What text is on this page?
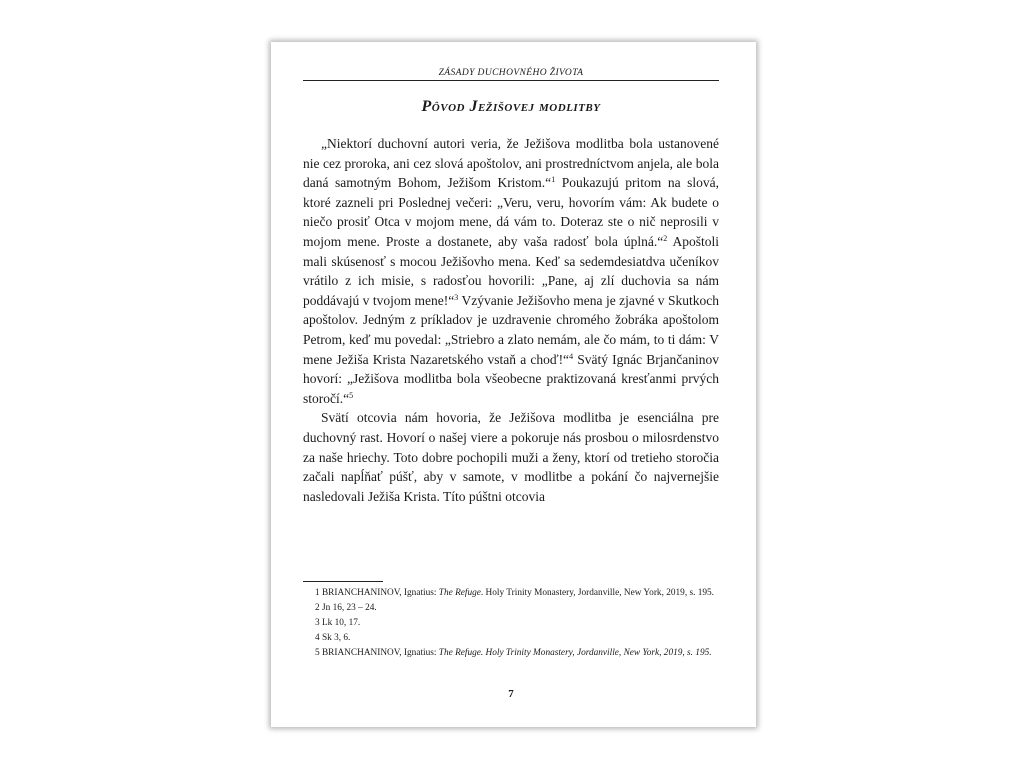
ZÁSADY DUCHOVNÉHO ŽIVOTA
Pôvod Ježišovej modlitby

„Niektorí duchovní autori veria, že Ježišova modlitba bola ustanovené nie cez proroka, ani cez slová apoštolov, ani prostredníctvom anjela, ale bola daná samotným Bohom, Ježišom Kristom.“$^1$ Poukazujú pritom na slová, ktoré zazneli pri Poslednej večeri: „Veru, veru, hovorím vám: Ak budete o niečo prosiť Otca v mojom mene, dá vám to. Doteraz ste o nič neprosili v mojom mene. Proste a dostanete, aby vaša radosť bola úplná.“$^2$ Apoštoli mali skúsenosť s mocou Ježišovho mena. Keď sa sedemdesiatdva učeníkov vrátilo z ich misie, s radosťou hovorili: „Pane, aj zlí duchovia sa nám poddávajú v tvojom mene!“$^3$ Vzývanie Ježišovho mena je zjavné v Skutkoch apoštolov. Jedným z príkladov je uzdravenie chromého žobráka apoštolom Petrom, keď mu povedal: „Striebro a zlato nemám, ale čo mám, to ti dám: V mene Ježiša Krista Nazaretského vstaň a choď!“$^4$ Svätý Ignác Brjančaninov hovorí: „Ježišova modlitba bola všeobecne praktizovaná kresťanmi prvých storočí.“$^5$

Svätí otcovia nám hovoria, že Ježišova modlitba je esenciálna pre duchovný rast. Hovorí o našej viere a pokoruje nás prosbou o milosrdenstvo za naše hriechy. Toto dobre pochopili muži a ženy, ktorí od tretieho storočia začali napĺňať púšť, aby v samote, v modlitbe a pokání čo najvernejšie nasledovali Ježiša Krista. Títo púštni otcovia

1 BRIANCHANINOV, Ignatius: The Refuge. Holy Trinity Monastery, Jordanville, New York, 2019, s. 195.
2 Jn 16, 23 – 24.
3 Lk 10, 17.
4 Sk 3, 6.
5 BRIANCHANINOV, Ignatius: The Refuge. Holy Trinity Monastery, Jordanville, New York, 2019, s. 195.
7
